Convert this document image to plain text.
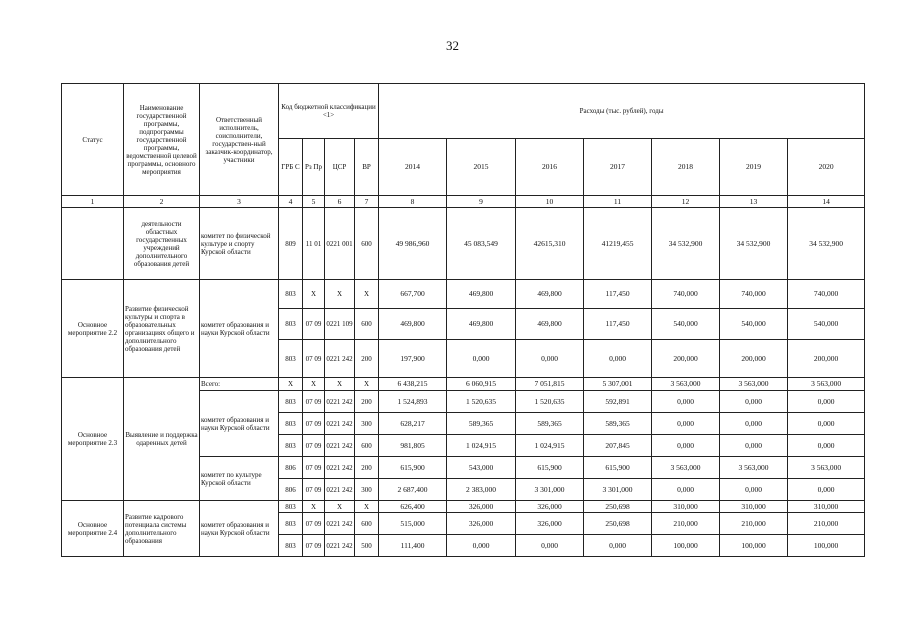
32
Статус	Наименование государственной программы, подпрограммы государственной программы, ведомственной целевой программы, основного мероприятия	Ответственный исполнитель, соисполнители, государствен-ный заказчик-координатор, участники	Код бюджетной классификации <1>				Расходы (тыс. рублей), годы						
			ГРБ С	Рз Пр	ЦСР	ВР	2014	2015	2016	2017	2018	2019	2020
1	2	3	4	5	6	7	8	9	10	11	12	13	14
	деятельности областных государственных учреждений дополнительного образования детей	комитет по физической культуре и спорту Курской области	809	11 01	0221 001	600	49 986,960	45 083,549	42615,310	41219,455	34 532,900	34 532,900	34 532,900
Основное мероприятие 2.2	Развитие физической культуры и спорта в образовательных организациях общего и дополнительного образования детей	комитет образования и науки Курской области	803	X	X	X	667,700	469,800	469,800	117,450	740,000	740,000	740,000
			803	07 09	0221 109	600	469,800	469,800	469,800	117,450	540,000	540,000	540,000
			803	07 09	0221 242	200	197,900	0,000	0,000	0,000	200,000	200,000	200,000
Основное мероприятие 2.3	Выявление и поддержка одаренных детей	Всего:	X	X	X	X	6 438,215	6 060,915	7 051,815	5 307,001	3 563,000	3 563,000	3 563,000
		комитет образования и науки Курской области	803	07 09	0221 242	200	1 524,893	1 520,635	1 520,635	592,891	0,000	0,000	0,000
			803	07 09	0221 242	300	628,217	589,365	589,365	589,365	0,000	0,000	0,000
			803	07 09	0221 242	600	981,805	1 024,915	1 024,915	207,845	0,000	0,000	0,000
		комитет по культуре Курской области	806	07 09	0221 242	200	615,900	543,000	615,900	615,900	3 563,000	3 563,000	3 563,000
			806	07 09	0221 242	300	2 687,400	2 383,000	3 301,000	3 301,000	0,000	0,000	0,000
Основное мероприятие 2.4	Развитие кадрового потенциала системы дополнительного образования	комитет образования и науки Курской области	803	X	X	X	626,400	326,000	326,000	250,698	310,000	310,000	310,000
			803	07 09	0221 242	600	515,000	326,000	326,000	250,698	210,000	210,000	210,000
			803	07 09	0221 242	500	111,400	0,000	0,000	0,000	100,000	100,000	100,000
